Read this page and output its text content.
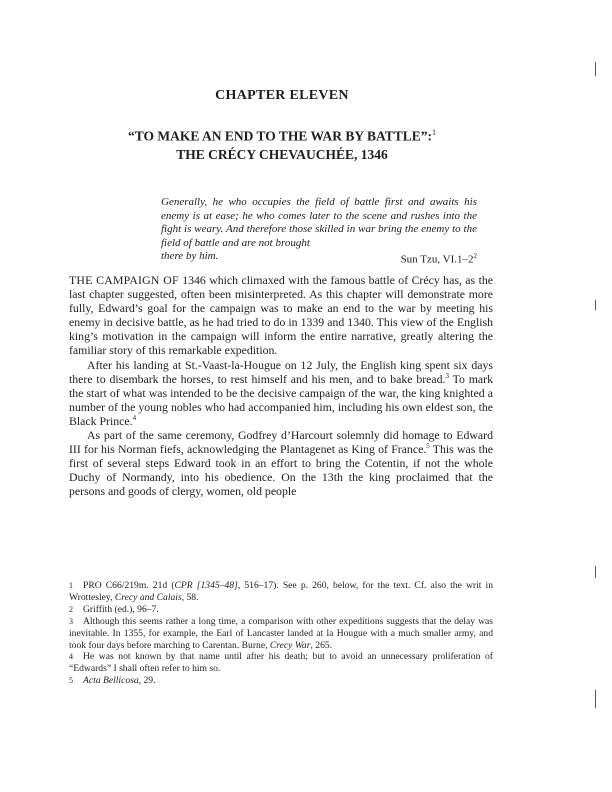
CHAPTER ELEVEN
“TO MAKE AN END TO THE WAR BY BATTLE”:$^1$
THE CRÉCY CHEVAUCHÉE, 1346
Generally, he who occupies the field of battle first and awaits his enemy is at ease; he who comes later to the scene and rushes into the fight is weary. And therefore those skilled in war bring the enemy to the field of battle and are not brought
there by him.	Sun Tzu, $VI.1-2^2$

THE CAMPAIGN OF 1346 which climaxed with the famous battle of Crécy has, as the last chapter suggested, often been misinterpreted. As this chapter will demonstrate more fully, Edward’s goal for the campaign was to make an end to the war by meeting his enemy in decisive battle, as he had tried to do in 1339 and 1340. This view of the English king’s motivation in the campaign will inform the entire narrative, greatly altering the familiar story of this remarkable expedition.

After his landing at St.-Vaast-la-Hougue on 12 July, the English king spent six days there to disembark the horses, to rest himself and his men, and to bake bread.$^3$ To mark the start of what was intended to be the decisive campaign of the war, the king knighted a number of the young nobles who had accompanied him, including his own eldest son, the Black Prince.$^4$

As part of the same ceremony, Godfrey d’Harcourt solemnly did homage to Edward III for his Norman fiefs, acknowledging the Plantagenet as King of France.$^5$ This was the first of several steps Edward took in an effort to bring the Cotentin, if not the whole Duchy of Normandy, into his obedience. On the 13th the king proclaimed that the persons and goods of clergy, women, old people

1 PRO C66/219m. 21d (CPR [1345–48], 516–17). See p. 260, below, for the text. Cf. also the writ in Wrottesley, Crecy and Calais, 58.
2 Griffith (ed.), 96–7.
3 Although this seems rather a long time, a comparison with other expeditions suggests that the delay was inevitable. In 1355, for example, the Earl of Lancaster landed at la Hougue with a much smaller army, and took four days before marching to Carentan. Burne, Crecy War, 265.
4 He was not known by that name until after his death; but to avoid an unnecessary proliferation of “Edwards” I shall often refer to him so.
5 Acta Bellicosa, 29.
